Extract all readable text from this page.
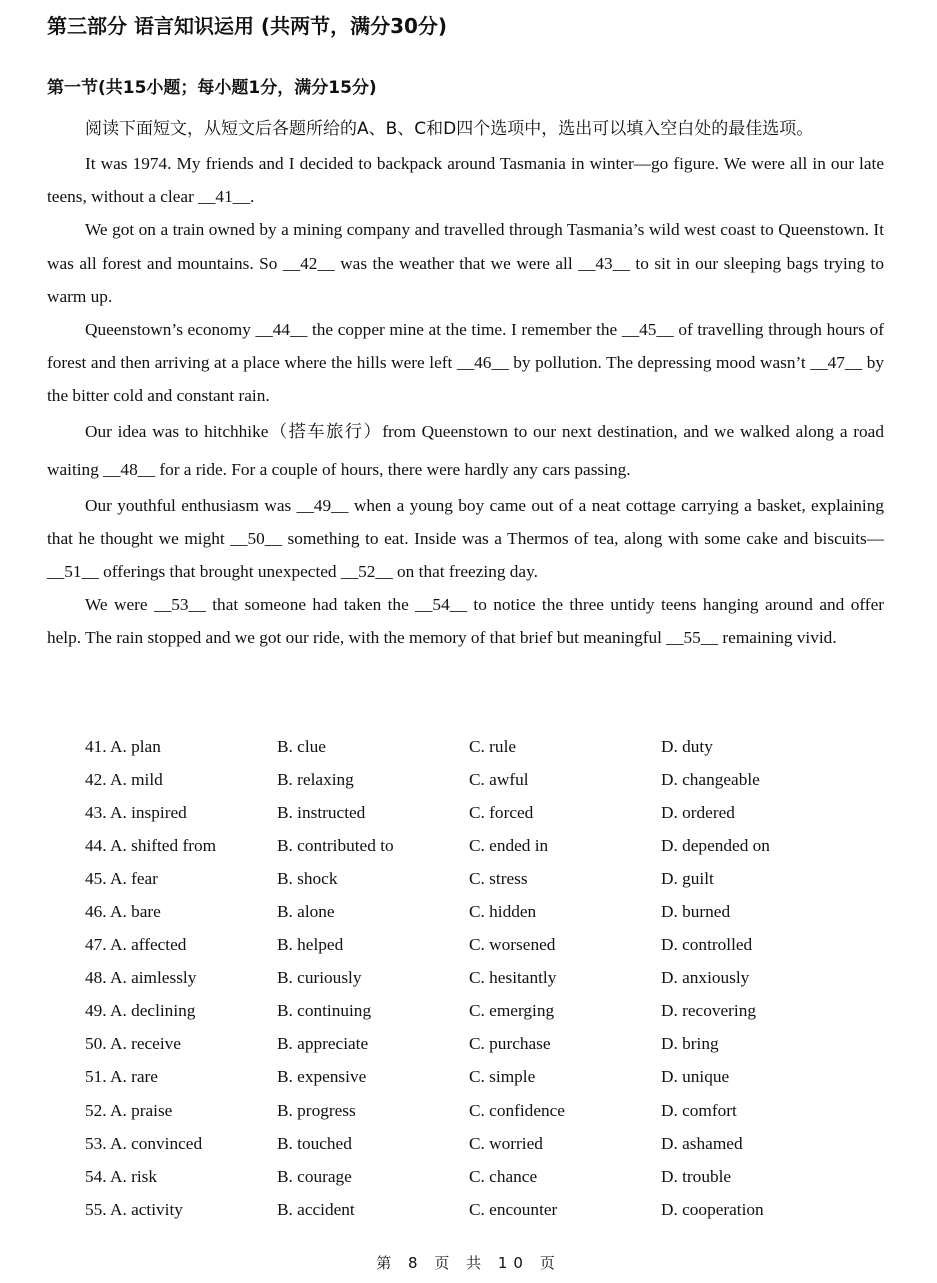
第三部分 语言知识运用 (共两节，满分30分)
第一节(共15小题；每小题1分，满分15分)

阅读下面短文，从短文后各题所给的A、B、C和D四个选项中，选出可以填入空白处的最佳选项。

It was 1974. My friends and I decided to backpack around Tasmania in winter—go figure. We were all in our late teens, without a clear __41__.

We got on a train owned by a mining company and travelled through Tasmania’s wild west coast to Queenstown. It was all forest and mountains. So __42__ was the weather that we were all __43__ to sit in our sleeping bags trying to warm up.

Queenstown’s economy __44__ the copper mine at the time. I remember the __45__ of travelling through hours of forest and then arriving at a place where the hills were left __46__ by pollution. The depressing mood wasn’t __47__ by the bitter cold and constant rain.

Our idea was to hitchhike（搭车旅行）from Queenstown to our next destination, and we walked along a road waiting __48__ for a ride. For a couple of hours, there were hardly any cars passing.

Our youthful enthusiasm was __49__ when a young boy came out of a neat cottage carrying a basket, explaining that he thought we might __50__ something to eat. Inside was a Thermos of tea, along with some cake and biscuits— __51__ offerings that brought unexpected __52__ on that freezing day.

We were __53__ that someone had taken the __54__ to notice the three untidy teens hanging around and offer help. The rain stopped and we got our ride, with the memory of that brief but meaningful __55__ remaining vivid.

41. A. plan	B. clue	C. rule	D. duty
42. A. mild	B. relaxing	C. awful	D. changeable
43. A. inspired	B. instructed	C. forced	D. ordered
44. A. shifted from	B. contributed to	C. ended in	D. depended on
45. A. fear	B. shock	C. stress	D. guilt
46. A. bare	B. alone	C. hidden	D. burned
47. A. affected	B. helped	C. worsened	D. controlled
48. A. aimlessly	B. curiously	C. hesitantly	D. anxiously
49. A. declining	B. continuing	C. emerging	D. recovering
50. A. receive	B. appreciate	C. purchase	D. bring
51. A. rare	B. expensive	C. simple	D. unique
52. A. praise	B. progress	C. confidence	D. comfort
53. A. convinced	B. touched	C. worried	D. ashamed
54. A. risk	B. courage	C. chance	D. trouble
55. A. activity	B. accident	C. encounter	D. cooperation
第 8 页 共 10 页
